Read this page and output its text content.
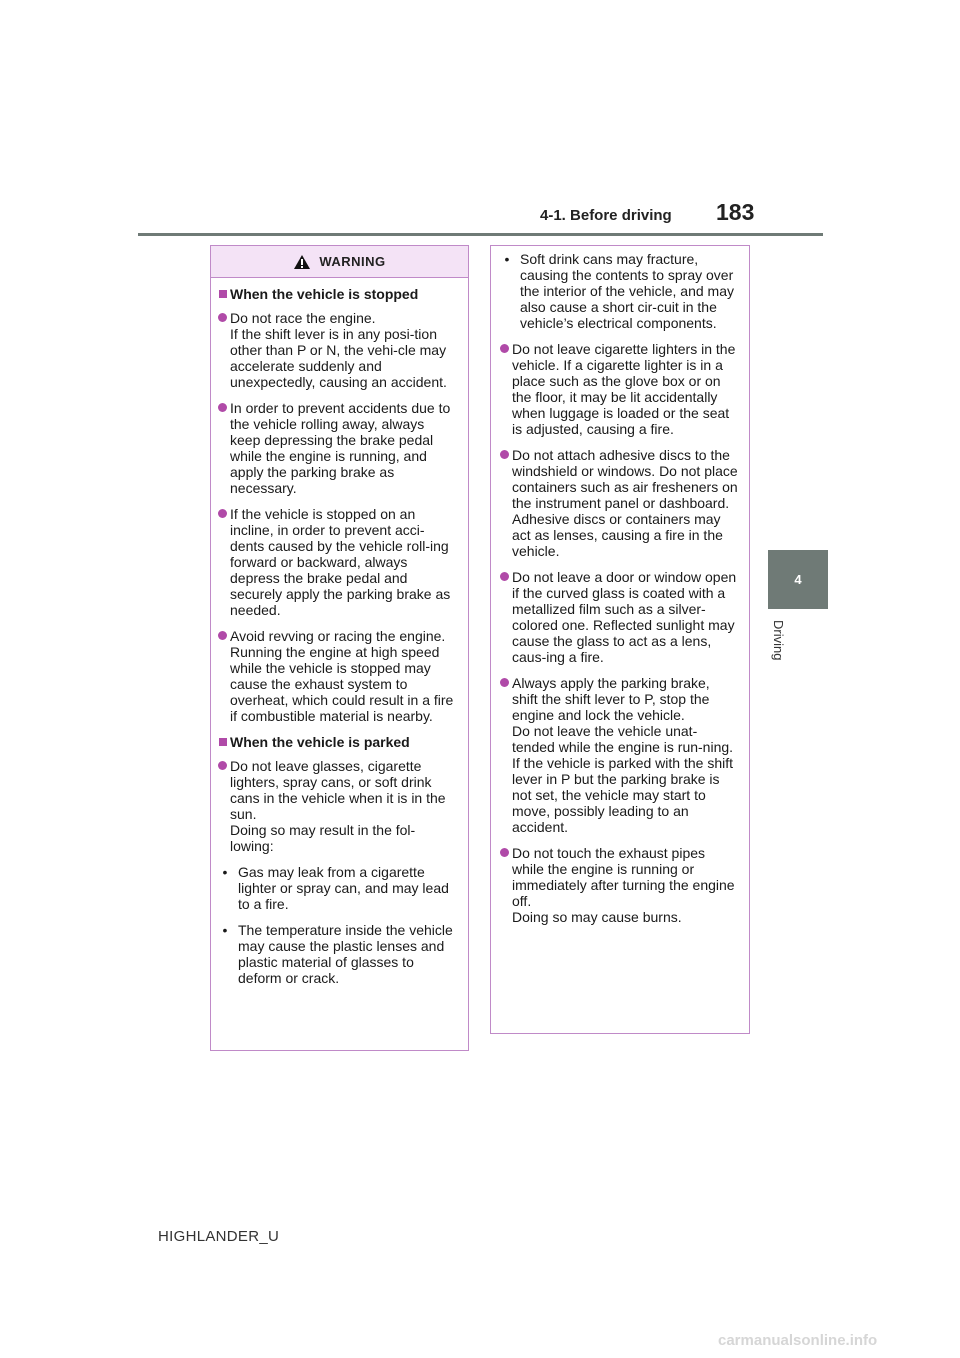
4-1. Before driving 183
4
Driving
WARNING
When the vehicle is stopped

Do not race the engine.

If the shift lever is in any posi-tion other than P or N, the vehi-cle may accelerate suddenly and unexpectedly, causing an accident.

In order to prevent accidents due to the vehicle rolling away, always keep depressing the brake pedal while the engine is running, and apply the parking brake as necessary.

If the vehicle is stopped on an incline, in order to prevent acci-dents caused by the vehicle roll-ing forward or backward, always depress the brake pedal and securely apply the parking brake as needed.

Avoid revving or racing the engine.

Running the engine at high speed while the vehicle is stopped may cause the exhaust system to overheat, which could result in a fire if combustible material is nearby.

When the vehicle is parked

Do not leave glasses, cigarette lighters, spray cans, or soft drink cans in the vehicle when it is in the sun.

Doing so may result in the fol-lowing:

• Gas may leak from a cigarette lighter or spray can, and may lead to a fire.

• The temperature inside the vehicle may cause the plastic lenses and plastic material of glasses to deform or crack.

• Soft drink cans may fracture, causing the contents to spray over the interior of the vehicle, and may also cause a short cir-cuit in the vehicle’s electrical components.

Do not leave cigarette lighters in the vehicle. If a cigarette lighter is in a place such as the glove box or on the floor, it may be lit accidentally when luggage is loaded or the seat is adjusted, causing a fire.

Do not attach adhesive discs to the windshield or windows. Do not place containers such as air fresheners on the instrument panel or dashboard. Adhesive discs or containers may act as lenses, causing a fire in the vehicle.

Do not leave a door or window open if the curved glass is coated with a metallized film such as a silver-colored one. Reflected sunlight may cause the glass to act as a lens, caus-ing a fire.

Always apply the parking brake, shift the shift lever to P, stop the engine and lock the vehicle.

Do not leave the vehicle unat-tended while the engine is run-ning.

If the vehicle is parked with the shift lever in P but the parking brake is not set, the vehicle may start to move, possibly leading to an accident.

Do not touch the exhaust pipes while the engine is running or immediately after turning the engine off.

Doing so may cause burns.

HIGHLANDER_U
carmanualsonline.info
